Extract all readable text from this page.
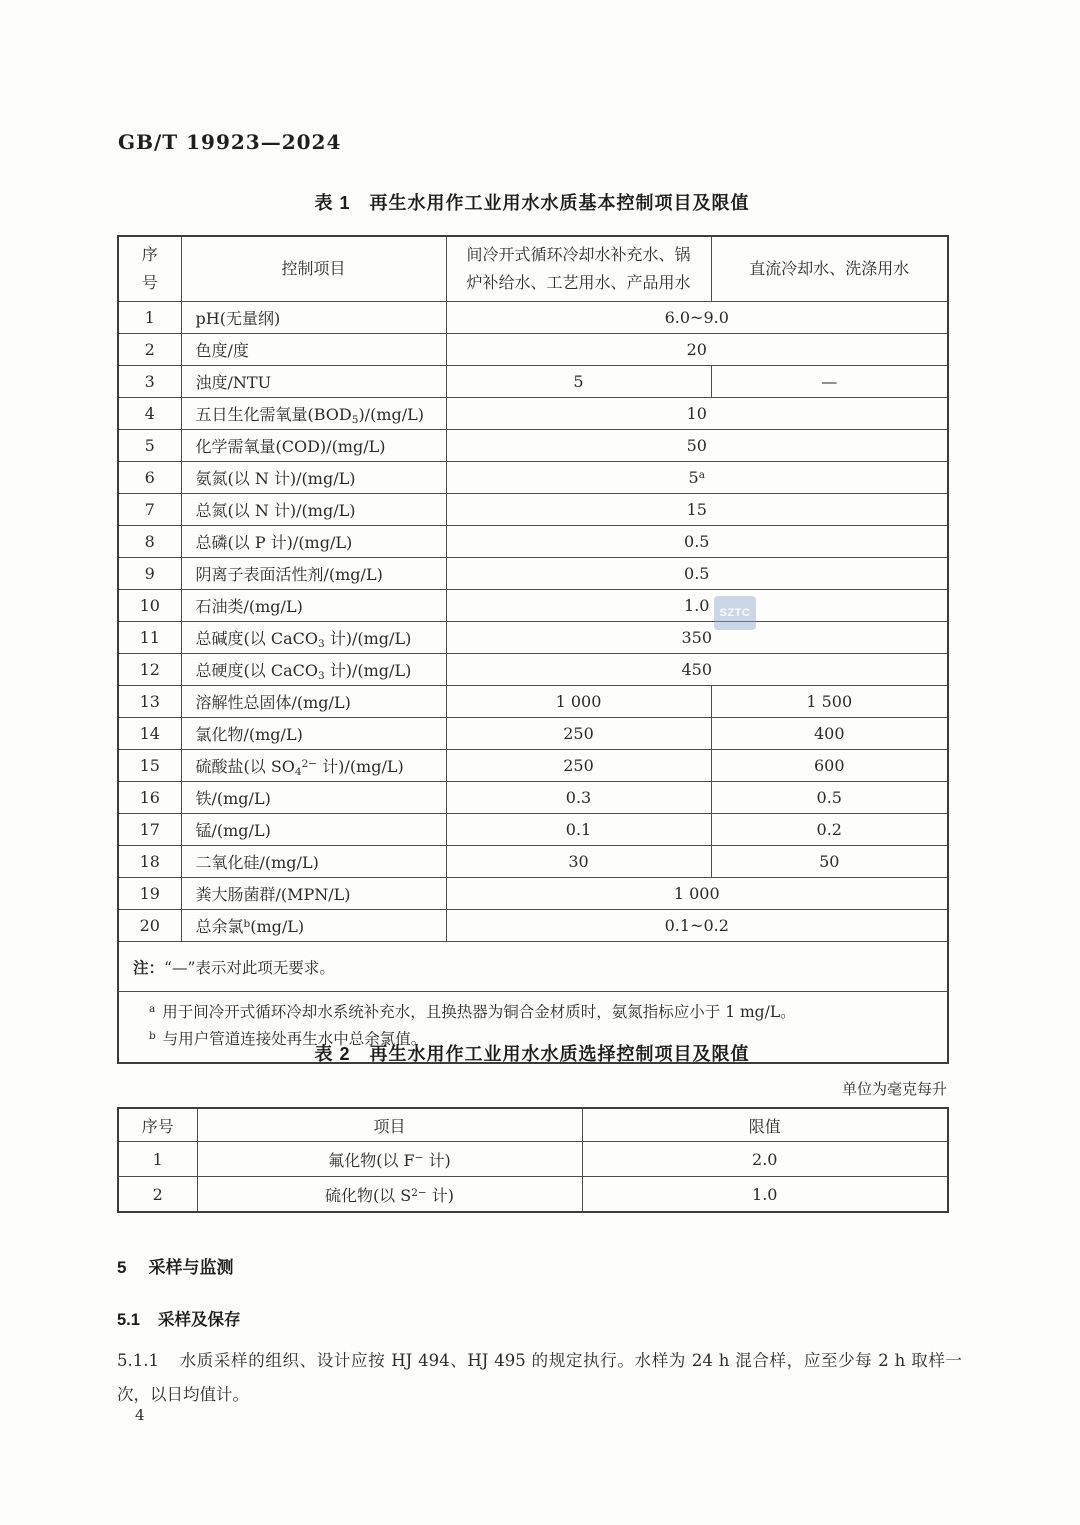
GB/T 19923—2024
表 1　再生水用作工业用水水质基本控制项目及限值
序号	控制项目	间冷开式循环冷却水补充水、锅炉补给水、工艺用水、产品用水	直流冷却水、洗涤用水
1	pH(无量纲)	6.0~9.0	
2	色度/度	20	
3	浊度/NTU	5	—
4	五日生化需氧量$(BOD_5)/(mg/L)$	10	
5	化学需氧量(COD)/(mg/L)	50	
6	氨氮(以 N 计)/(mg/L)	5$^a$
7	总氮(以 N 计)/(mg/L)	15	
8	总磷(以 P 计)/(mg/L)	0.5	
9	阴离子表面活性剂/(mg/L)	0.5	
10	石油类/(mg/L)	1.0	
11	总碱度(以 CaCO$_3$ 计)/(mg/L)	350	
12	总硬度(以 CaCO$_3$ 计)/(mg/L)	450	
13	溶解性总固体/(mg/L)	1 000	1 500
14	氯化物/(mg/L)	250	400
15	硫酸盐(以 $SO_4^{2-}$ 计)/(mg/L)	250	600
16	铁/(mg/L)	0.3	0.5
17	锰/(mg/L)	0.1	0.2
18	二氧化硅/(mg/L)	30	50
19	粪大肠菌群/(MPN/L)	1 000	
20	总余氯$^b$(mg/L)	0.1~0.2	
注：“—”表示对此项无要求。			

$^a$ 用于间冷开式循环冷却水系统补充水，且换热器为铜合金材质时，氨氮指标应小于 1 mg/L。
$^b$ 与用户管道连接处再生水中总余氯值。			
SZTC
表 2　再生水用作工业用水水质选择控制项目及限值
单位为毫克每升
序号	项目	限值
1	氟化物(以 F− 计)	2.0
2	硫化物(以 $S^{2-}$ 计)	1.0
5 采样与监测
5.1 采样及保存
5.1.1 水质采样的组织、设计应按 HJ 494、HJ 495 的规定执行。水样为 24 h 混合样，应至少每 2 h 取样一次，以日均值计。
4
